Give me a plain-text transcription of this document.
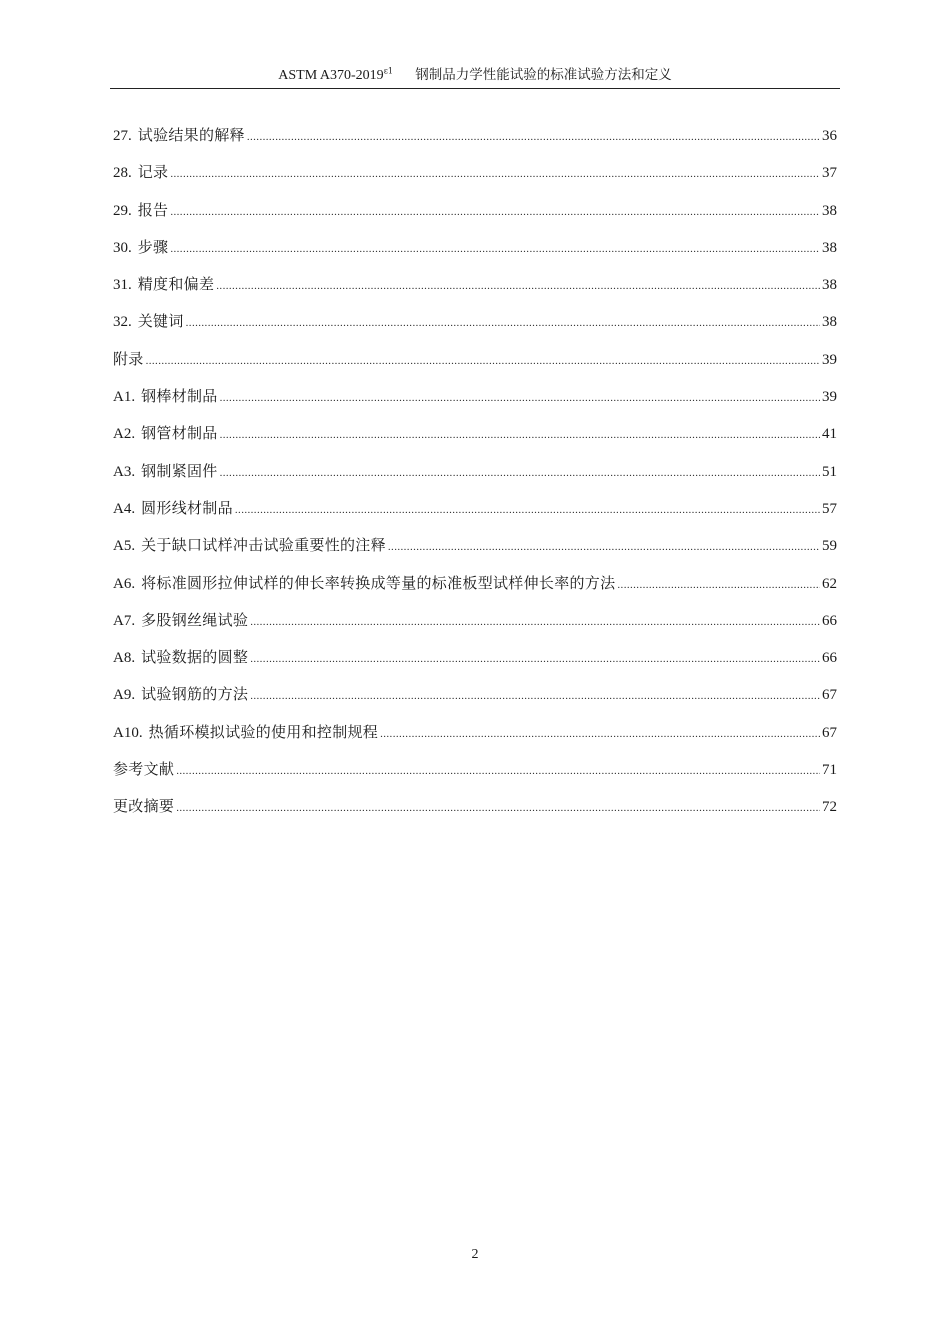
ASTM $A370-2019^{\varepsilon 1}$ 钢制品力学性能试验的标准试验方法和定义
27. 试验结果的解释 .....	36
28. 记录 .....	37
29. 报告 .....	38
30. 步骤 .....	38
31. 精度和偏差 .....	38
32. 关键词 .....	38
附录 .....	39
A1. 钢棒材制品 .....	39
A2. 钢管材制品 .....	41
A3. 钢制紧固件 .....	51
A4. 圆形线材制品 .....	57
A5. 关于缺口试样冲击试验重要性的注释 .....	59
A6. 将标准圆形拉伸试样的伸长率转换成等量的标准板型试样伸长率的方法 .....	62
A7. 多股钢丝绳试验 .....	66
A8. 试验数据的圆整 .....	66
A9. 试验钢筋的方法 .....	67
A10. 热循环模拟试验的使用和控制规程 .....	67
参考文献 .....	71
更改摘要 .....	72
2
